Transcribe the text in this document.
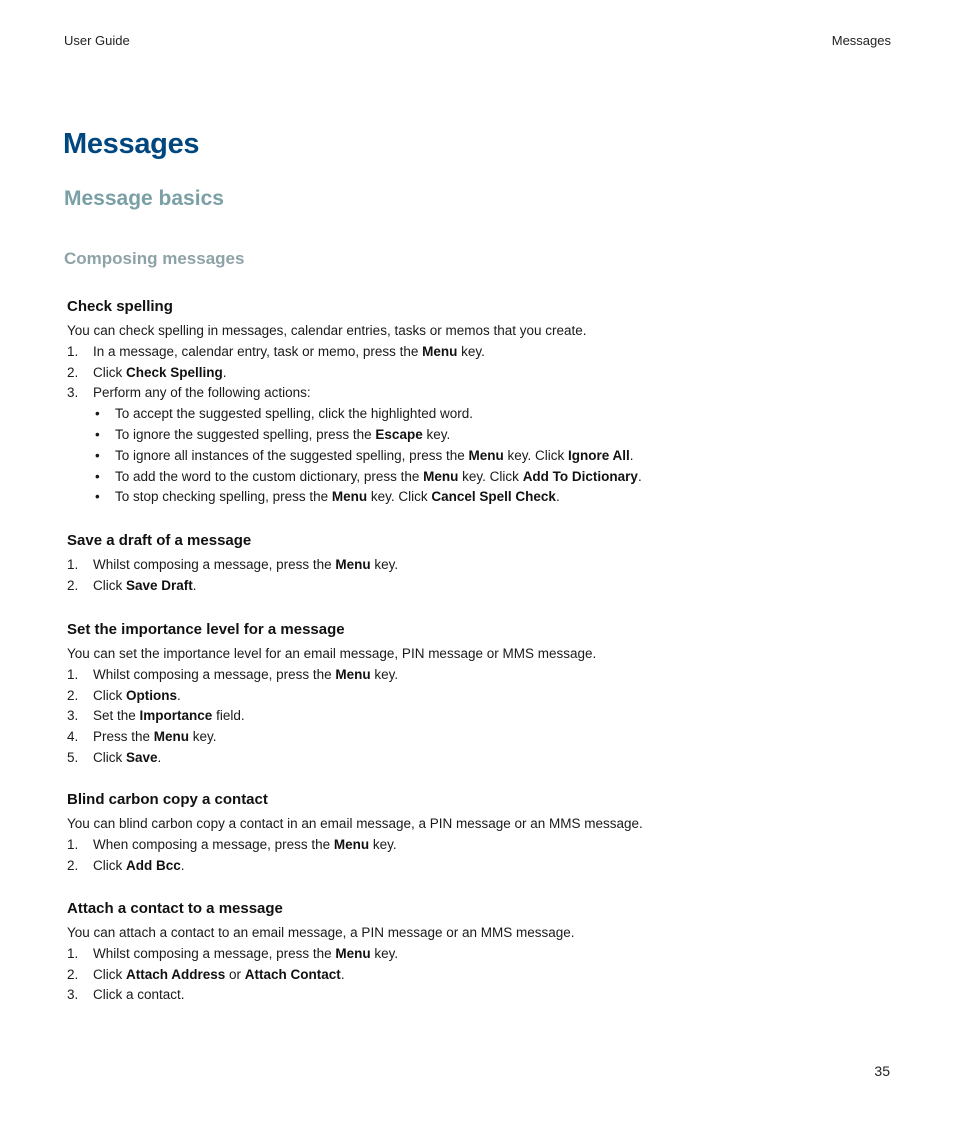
User Guide	Messages
Messages
Message basics
Composing messages
Check spelling

You can check spelling in messages, calendar entries, tasks or memos that you create.

1. In a message, calendar entry, task or memo, press the Menu key.
2. Click Check Spelling.
3. Perform any of the following actions:
• To accept the suggested spelling, click the highlighted word.
• To ignore the suggested spelling, press the Escape key.
• To ignore all instances of the suggested spelling, press the Menu key. Click Ignore All.
• To add the word to the custom dictionary, press the Menu key. Click Add To Dictionary.
• To stop checking spelling, press the Menu key. Click Cancel Spell Check.
Save a draft of a message
1. Whilst composing a message, press the Menu key.
2. Click Save Draft.
Set the importance level for a message

You can set the importance level for an email message, PIN message or MMS message.

1. Whilst composing a message, press the Menu key.
2. Click Options.
3. Set the Importance field.
4. Press the Menu key.
5. Click Save.
Blind carbon copy a contact

You can blind carbon copy a contact in an email message, a PIN message or an MMS message.

1. When composing a message, press the Menu key.
2. Click Add Bcc.
Attach a contact to a message

You can attach a contact to an email message, a PIN message or an MMS message.

1. Whilst composing a message, press the Menu key.
2. Click Attach Address or Attach Contact.
3. Click a contact.
35
